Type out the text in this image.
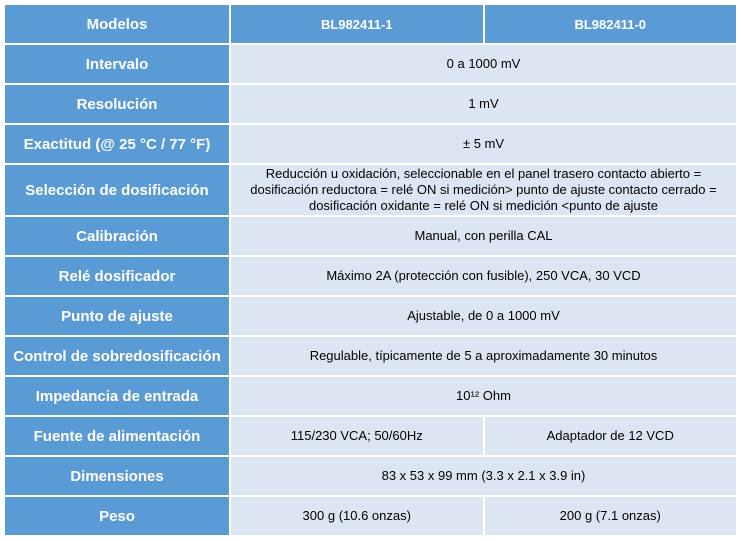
Modelos	BL982411-1	BL982411-0
Intervalo	0 a 1000 mV	
Resolución	1 mV	
Exactitud (@ 25 °C / 77 °F)	± 5 mV	
Selección de dosificación	Reducción u oxidación, seleccionable en el panel trasero contacto abierto = dosificación reductora = relé ON si medición> punto de ajuste contacto cerrado = dosificación oxidante = relé ON si medición <punto de ajuste	
Calibración	Manual, con perilla CAL	
Relé dosificador	Máximo 2A (protección con fusible), 250 VCA, 30 VCD	
Punto de ajuste	Ajustable, de 0 a 1000 mV	
Control de sobredosificación	Regulable, típicamente de 5 a aproximadamente 30 minutos	
Impedancia de entrada	10¹² Ohm	
Fuente de alimentación	115/230 VCA; 50/60Hz	Adaptador de 12 VCD
Dimensiones	83 x 53 x 99 mm (3.3 x 2.1 x 3.9 in)	
Peso	300 g (10.6 onzas)	200 g (7.1 onzas)
